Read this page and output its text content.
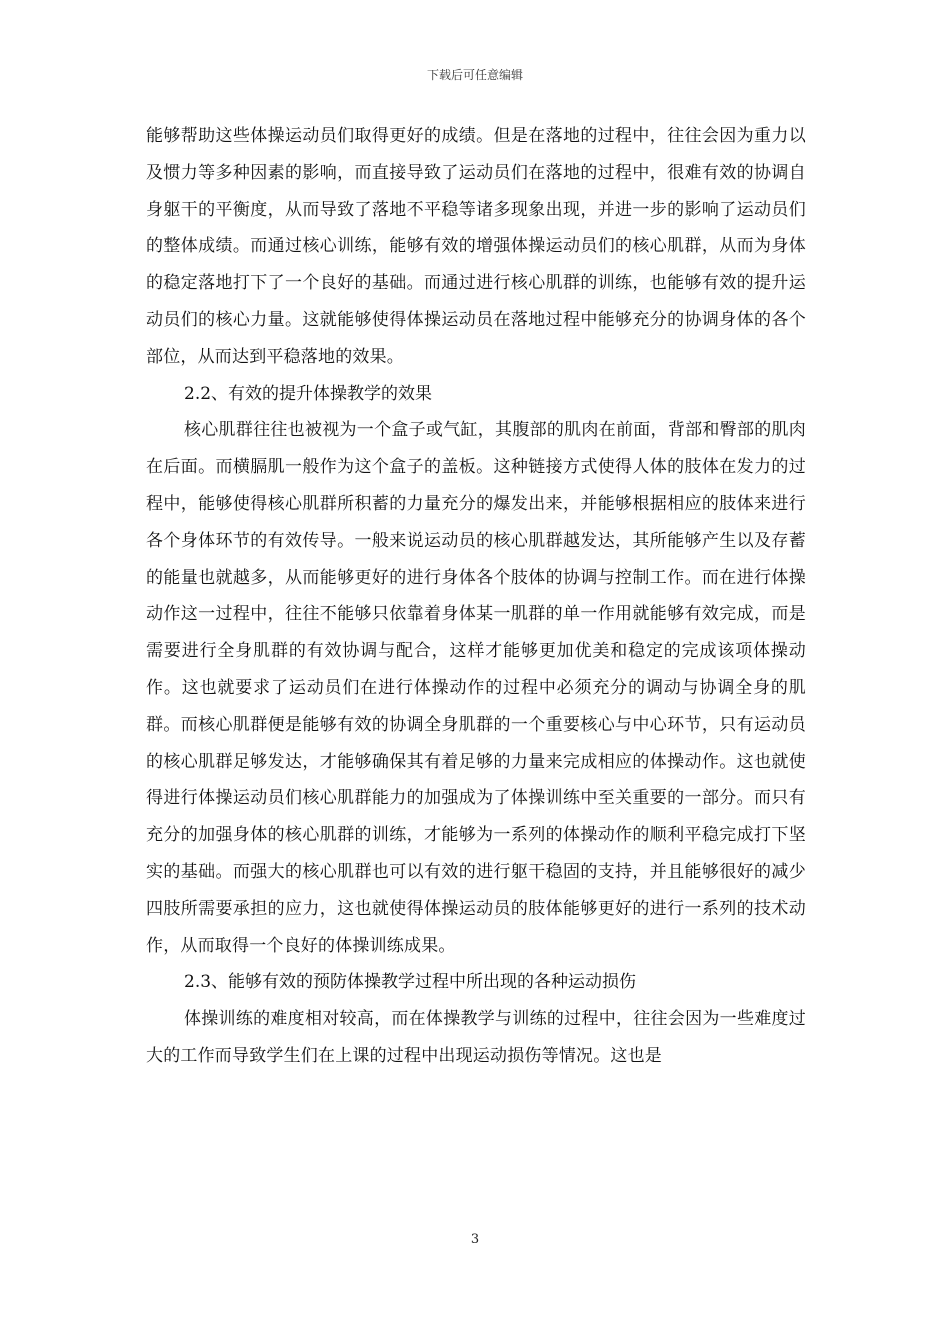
下载后可任意编辑

能够帮助这些体操运动员们取得更好的成绩。但是在落地的过程中，往往会因为重力以及惯力等多种因素的影响，而直接导致了运动员们在落地的过程中，很难有效的协调自身躯干的平衡度，从而导致了落地不平稳等诸多现象出现，并进一步的影响了运动员们的整体成绩。而通过核心训练，能够有效的增强体操运动员们的核心肌群，从而为身体的稳定落地打下了一个良好的基础。而通过进行核心肌群的训练，也能够有效的提升运动员们的核心力量。这就能够使得体操运动员在落地过程中能够充分的协调身体的各个部位，从而达到平稳落地的效果。

2.2、有效的提升体操教学的效果

核心肌群往往也被视为一个盒子或气缸，其腹部的肌肉在前面，背部和臀部的肌肉在后面。而横膈肌一般作为这个盒子的盖板。这种链接方式使得人体的肢体在发力的过程中，能够使得核心肌群所积蓄的力量充分的爆发出来，并能够根据相应的肢体来进行各个身体环节的有效传导。一般来说运动员的核心肌群越发达，其所能够产生以及存蓄的能量也就越多，从而能够更好的进行身体各个肢体的协调与控制工作。而在进行体操动作这一过程中，往往不能够只依靠着身体某一肌群的单一作用就能够有效完成，而是需要进行全身肌群的有效协调与配合，这样才能够更加优美和稳定的完成该项体操动作。这也就要求了运动员们在进行体操动作的过程中必须充分的调动与协调全身的肌群。而核心肌群便是能够有效的协调全身肌群的一个重要核心与中心环节，只有运动员的核心肌群足够发达，才能够确保其有着足够的力量来完成相应的体操动作。这也就使得进行体操运动员们核心肌群能力的加强成为了体操训练中至关重要的一部分。而只有充分的加强身体的核心肌群的训练，才能够为一系列的体操动作的顺利平稳完成打下坚实的基础。而强大的核心肌群也可以有效的进行躯干稳固的支持，并且能够很好的减少四肢所需要承担的应力，这也就使得体操运动员的肢体能够更好的进行一系列的技术动作，从而取得一个良好的体操训练成果。

2.3、能够有效的预防体操教学过程中所出现的各种运动损伤

体操训练的难度相对较高，而在体操教学与训练的过程中，往往会因为一些难度过大的工作而导致学生们在上课的过程中出现运动损伤等情况。这也是

3
